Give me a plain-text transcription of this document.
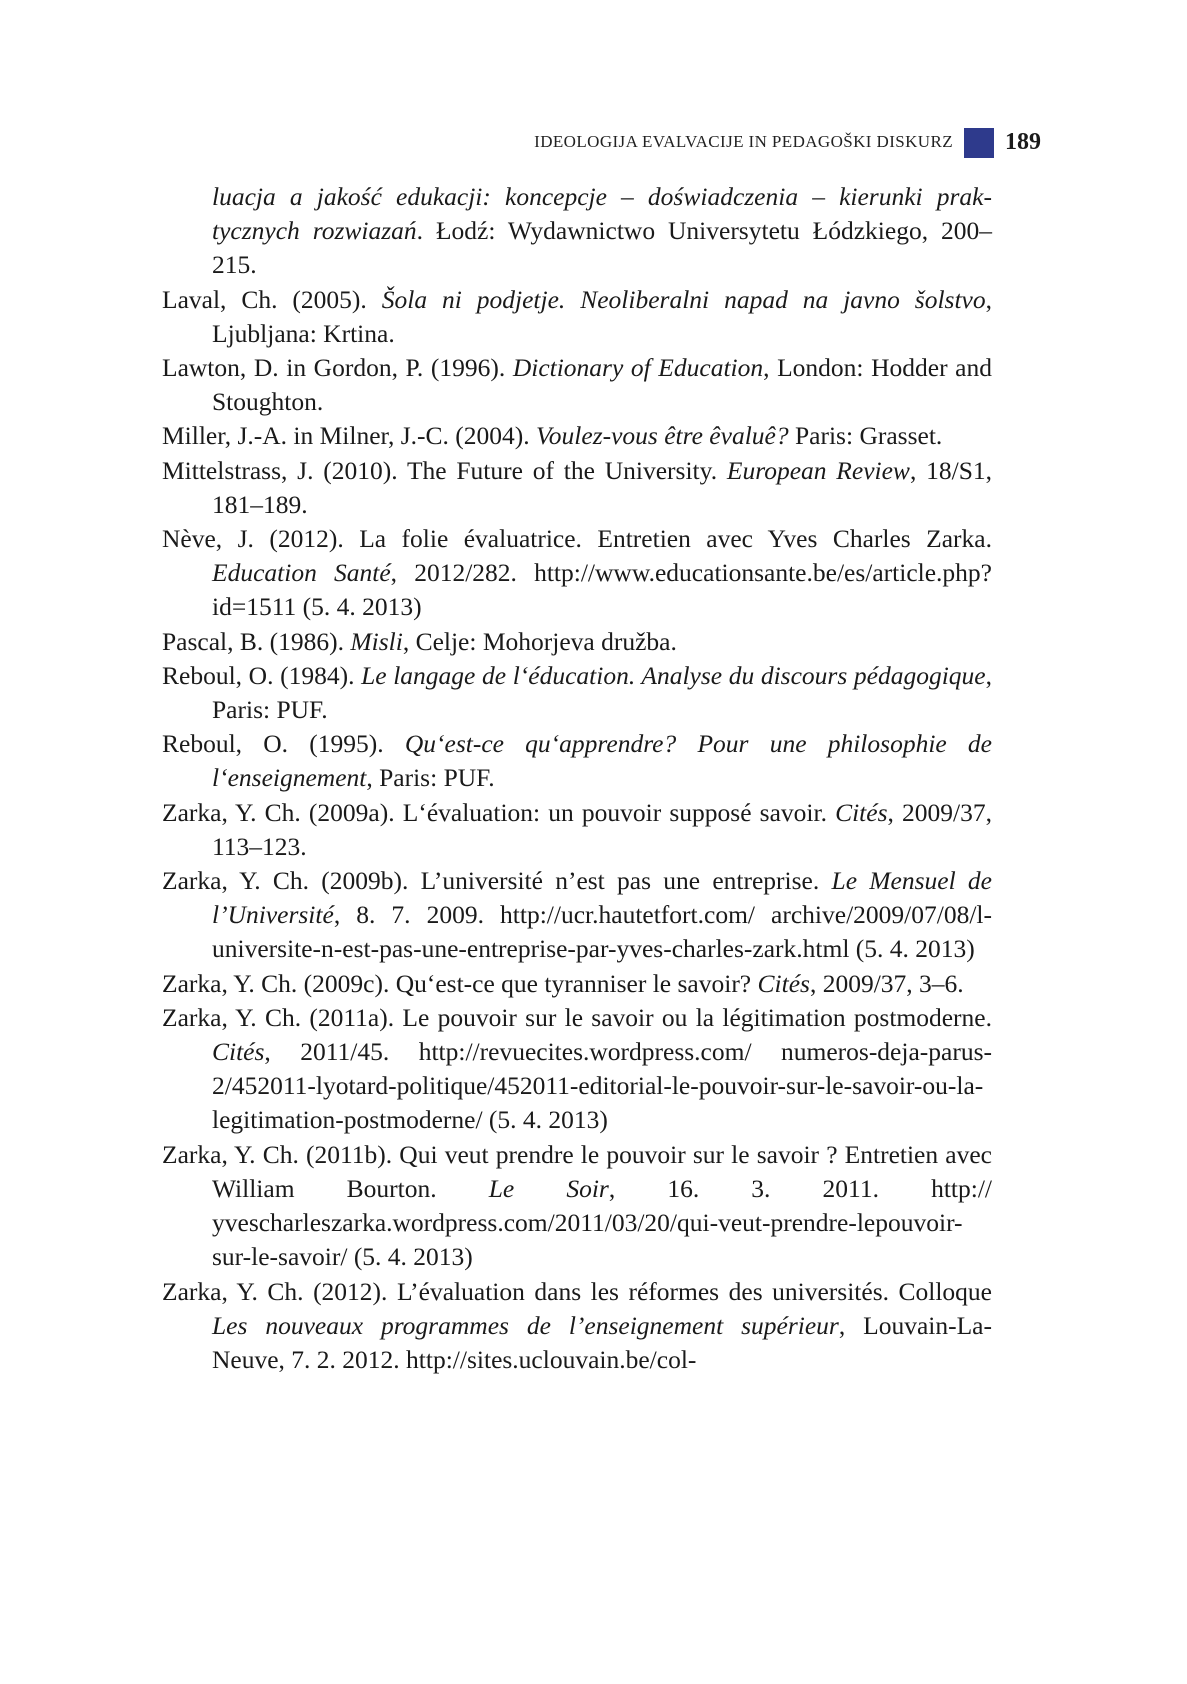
IDEOLOGIJA EVALVACIJE IN PEDAGOŠKI DISKURZ 189
luacja a jakość edukacji: koncepcje – doświadczenia – kierunki praktycznych rozwiazań. Łodź: Wydawnictwo Universytetu Łódzkiego, 200–215.
Laval, Ch. (2005). Šola ni podjetje. Neoliberalni napad na javno šolstvo, Ljubljana: Krtina.
Lawton, D. in Gordon, P. (1996). Dictionary of Education, London: Hodder and Stoughton.
Miller, J.-A. in Milner, J.-C. (2004). Voulez-vous être êvaluê? Paris: Grasset.
Mittelstrass, J. (2010). The Future of the University. European Review, 18/S1, 181–189.
Nève, J. (2012). La folie évaluatrice. Entretien avec Yves Charles Zarka. Education Santé, 2012/282. http://www.educationsante.be/es/article.php?id=1511 (5. 4. 2013)
Pascal, B. (1986). Misli, Celje: Mohorjeva družba.
Reboul, O. (1984). Le langage de l‘éducation. Analyse du discours pédagogique, Paris: PUF.
Reboul, O. (1995). Qu‘est-ce qu‘apprendre? Pour une philosophie de l‘enseignement, Paris: PUF.
Zarka, Y. Ch. (2009a). L‘évaluation: un pouvoir supposé savoir. Cités, 2009/37, 113–123.
Zarka, Y. Ch. (2009b). L’université n’est pas une entreprise. Le Mensuel de l’Université, 8. 7. 2009. http://ucr.hautetfort.com/ archive/2009/07/08/l-universite-n-est-pas-une-entreprise-par-yves-charles-zark.html (5. 4. 2013)
Zarka, Y. Ch. (2009c). Qu‘est-ce que tyranniser le savoir? Cités, 2009/37, 3–6.
Zarka, Y. Ch. (2011a). Le pouvoir sur le savoir ou la légitimation postmoderne. Cités, 2011/45. http://revuecites.wordpress.com/ numeros-deja-parus-2/452011-lyotard-politique/452011-editorial-le-pouvoir-sur-le-savoir-ou-la-legitimation-postmoderne/ (5. 4. 2013)
Zarka, Y. Ch. (2011b). Qui veut prendre le pouvoir sur le savoir ? Entretien avec William Bourton. Le Soir, 16. 3. 2011. http:// yvescharleszarka.wordpress.com/2011/03/20/qui-veut-prendre-lepouvoir-sur-le-savoir/ (5. 4. 2013)
Zarka, Y. Ch. (2012). L’évaluation dans les réformes des universités. Colloque Les nouveaux programmes de l’enseignement supérieur, Louvain-La-Neuve, 7. 2. 2012. http://sites.uclouvain.be/col-
